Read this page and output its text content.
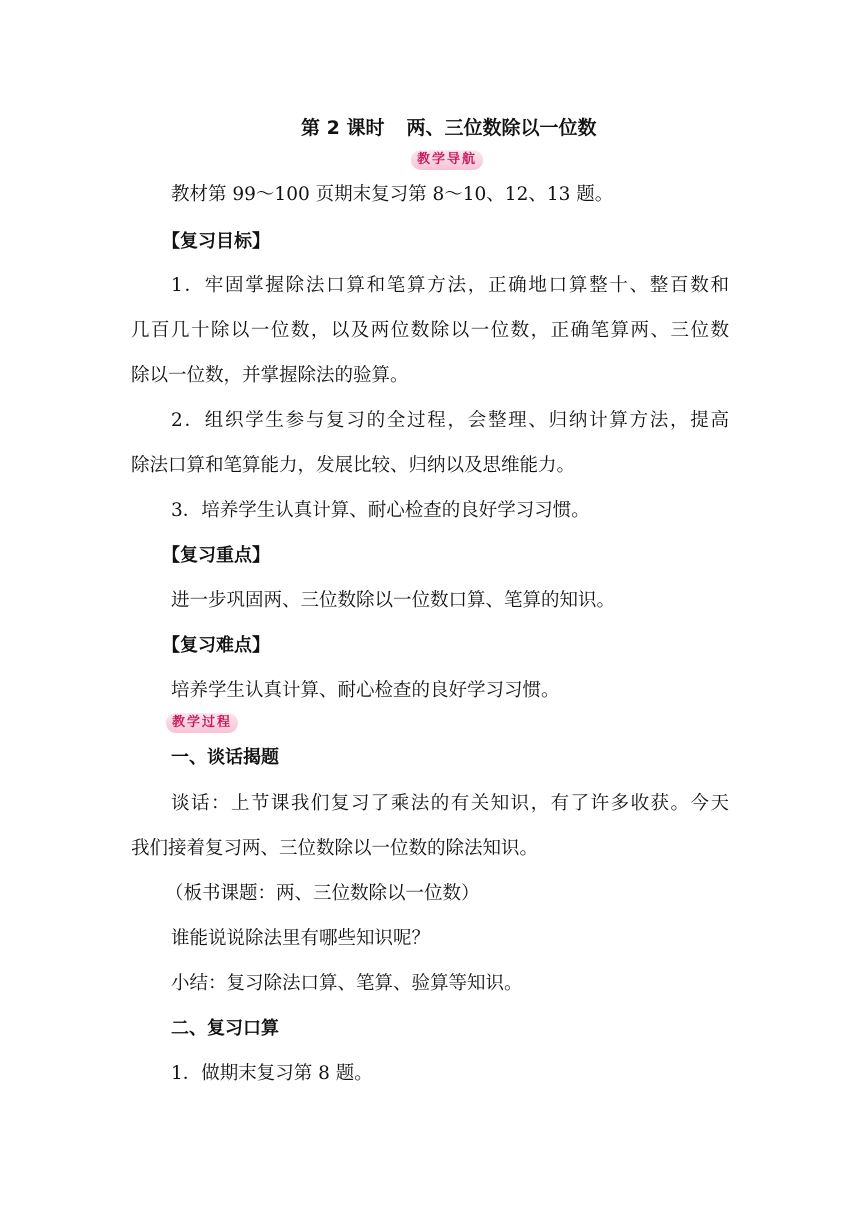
第 2 课时 两、三位数除以一位数
教学导航
教材第 99～100 页期末复习第 8～10、12、13 题。
【复习目标】
1．牢固掌握除法口算和笔算方法，正确地口算整十、整百数和
几百几十除以一位数，以及两位数除以一位数，正确笔算两、三位数
除以一位数，并掌握除法的验算。
2．组织学生参与复习的全过程，会整理、归纳计算方法，提高
除法口算和笔算能力，发展比较、归纳以及思维能力。
3．培养学生认真计算、耐心检查的良好学习习惯。
【复习重点】
进一步巩固两、三位数除以一位数口算、笔算的知识。
【复习难点】
培养学生认真计算、耐心检查的良好学习习惯。
教学过程
一、谈话揭题
谈话：上节课我们复习了乘法的有关知识，有了许多收获。今天
我们接着复习两、三位数除以一位数的除法知识。
（板书课题：两、三位数除以一位数）
谁能说说除法里有哪些知识呢？
小结：复习除法口算、笔算、验算等知识。
二、复习口算
1．做期末复习第 8 题。
